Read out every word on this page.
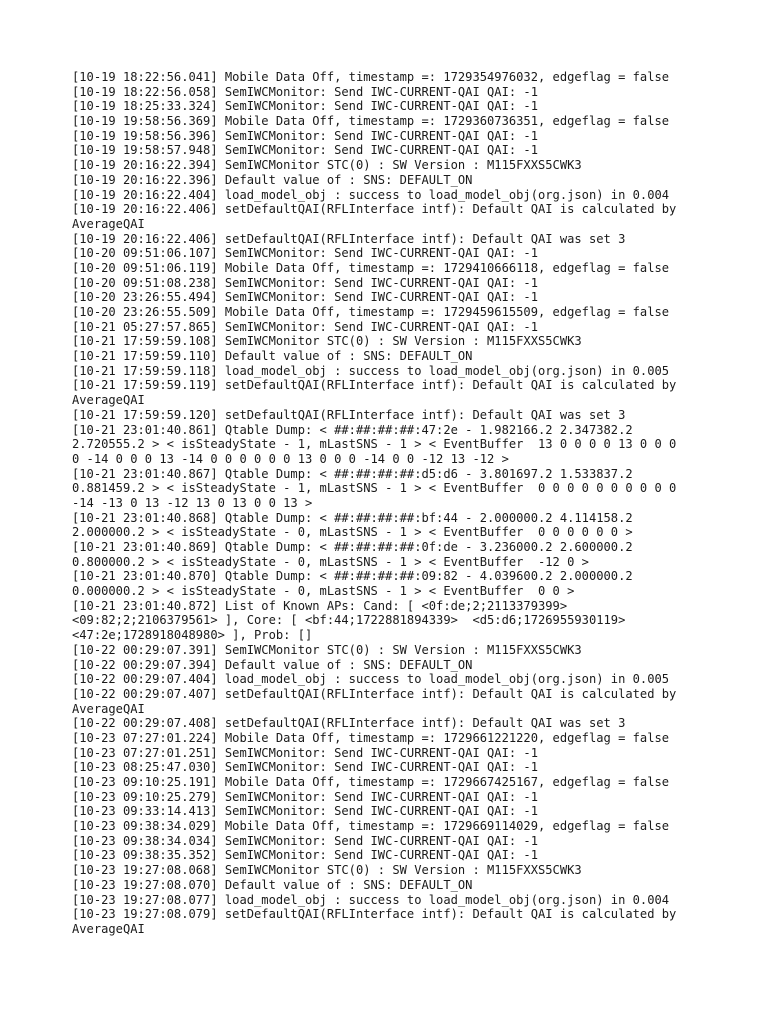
[10-19 18:22:56.041] Mobile Data Off, timestamp =: 1729354976032, edgeflag = false
[10-19 18:22:56.058] SemIWCMonitor: Send IWC-CURRENT-QAI QAI: -1
[10-19 18:25:33.324] SemIWCMonitor: Send IWC-CURRENT-QAI QAI: -1
[10-19 19:58:56.369] Mobile Data Off, timestamp =: 1729360736351, edgeflag = false
[10-19 19:58:56.396] SemIWCMonitor: Send IWC-CURRENT-QAI QAI: -1
[10-19 19:58:57.948] SemIWCMonitor: Send IWC-CURRENT-QAI QAI: -1
[10-19 20:16:22.394] SemIWCMonitor STC(0) : SW Version : M115FXXS5CWK3
[10-19 20:16:22.396] Default value of : SNS: DEFAULT_ON
[10-19 20:16:22.404] load_model_obj : success to load_model_obj(org.json) in 0.004
[10-19 20:16:22.406] setDefaultQAI(RFLInterface intf): Default QAI is calculated by
AverageQAI
[10-19 20:16:22.406] setDefaultQAI(RFLInterface intf): Default QAI was set 3
[10-20 09:51:06.107] SemIWCMonitor: Send IWC-CURRENT-QAI QAI: -1
[10-20 09:51:06.119] Mobile Data Off, timestamp =: 1729410666118, edgeflag = false
[10-20 09:51:08.238] SemIWCMonitor: Send IWC-CURRENT-QAI QAI: -1
[10-20 23:26:55.494] SemIWCMonitor: Send IWC-CURRENT-QAI QAI: -1
[10-20 23:26:55.509] Mobile Data Off, timestamp =: 1729459615509, edgeflag = false
[10-21 05:27:57.865] SemIWCMonitor: Send IWC-CURRENT-QAI QAI: -1
[10-21 17:59:59.108] SemIWCMonitor STC(0) : SW Version : M115FXXS5CWK3
[10-21 17:59:59.110] Default value of : SNS: DEFAULT_ON
[10-21 17:59:59.118] load_model_obj : success to load_model_obj(org.json) in 0.005
[10-21 17:59:59.119] setDefaultQAI(RFLInterface intf): Default QAI is calculated by
AverageQAI
[10-21 17:59:59.120] setDefaultQAI(RFLInterface intf): Default QAI was set 3
[10-21 23:01:40.861] Qtable Dump: < ##:##:##:##:47:2e - 1.982166.2 2.347382.2
2.720555.2 > < isSteadyState - 1, mLastSNS - 1 > < EventBuffer  13 0 0 0 0 13 0 0 0
0 -14 0 0 0 13 -14 0 0 0 0 0 0 13 0 0 0 -14 0 0 -12 13 -12 >
[10-21 23:01:40.867] Qtable Dump: < ##:##:##:##:d5:d6 - 3.801697.2 1.533837.2
0.881459.2 > < isSteadyState - 1, mLastSNS - 1 > < EventBuffer  0 0 0 0 0 0 0 0 0 0
-14 -13 0 13 -12 13 0 13 0 0 13 >
[10-21 23:01:40.868] Qtable Dump: < ##:##:##:##:bf:44 - 2.000000.2 4.114158.2
2.000000.2 > < isSteadyState - 0, mLastSNS - 1 > < EventBuffer  0 0 0 0 0 0 >
[10-21 23:01:40.869] Qtable Dump: < ##:##:##:##:0f:de - 3.236000.2 2.600000.2
0.800000.2 > < isSteadyState - 0, mLastSNS - 1 > < EventBuffer  -12 0 >
[10-21 23:01:40.870] Qtable Dump: < ##:##:##:##:09:82 - 4.039600.2 2.000000.2
0.000000.2 > < isSteadyState - 0, mLastSNS - 1 > < EventBuffer  0 0 >
[10-21 23:01:40.872] List of Known APs: Cand: [ <0f:de;2;2113379399>
<09:82;2;2106379561> ], Core: [ <bf:44;1722881894339>  <d5:d6;1726955930119>
<47:2e;1728918048980> ], Prob: []
[10-22 00:29:07.391] SemIWCMonitor STC(0) : SW Version : M115FXXS5CWK3
[10-22 00:29:07.394] Default value of : SNS: DEFAULT_ON
[10-22 00:29:07.404] load_model_obj : success to load_model_obj(org.json) in 0.005
[10-22 00:29:07.407] setDefaultQAI(RFLInterface intf): Default QAI is calculated by
AverageQAI
[10-22 00:29:07.408] setDefaultQAI(RFLInterface intf): Default QAI was set 3
[10-23 07:27:01.224] Mobile Data Off, timestamp =: 1729661221220, edgeflag = false
[10-23 07:27:01.251] SemIWCMonitor: Send IWC-CURRENT-QAI QAI: -1
[10-23 08:25:47.030] SemIWCMonitor: Send IWC-CURRENT-QAI QAI: -1
[10-23 09:10:25.191] Mobile Data Off, timestamp =: 1729667425167, edgeflag = false
[10-23 09:10:25.279] SemIWCMonitor: Send IWC-CURRENT-QAI QAI: -1
[10-23 09:33:14.413] SemIWCMonitor: Send IWC-CURRENT-QAI QAI: -1
[10-23 09:38:34.029] Mobile Data Off, timestamp =: 1729669114029, edgeflag = false
[10-23 09:38:34.034] SemIWCMonitor: Send IWC-CURRENT-QAI QAI: -1
[10-23 09:38:35.352] SemIWCMonitor: Send IWC-CURRENT-QAI QAI: -1
[10-23 19:27:08.068] SemIWCMonitor STC(0) : SW Version : M115FXXS5CWK3
[10-23 19:27:08.070] Default value of : SNS: DEFAULT_ON
[10-23 19:27:08.077] load_model_obj : success to load_model_obj(org.json) in 0.004
[10-23 19:27:08.079] setDefaultQAI(RFLInterface intf): Default QAI is calculated by
AverageQAI
